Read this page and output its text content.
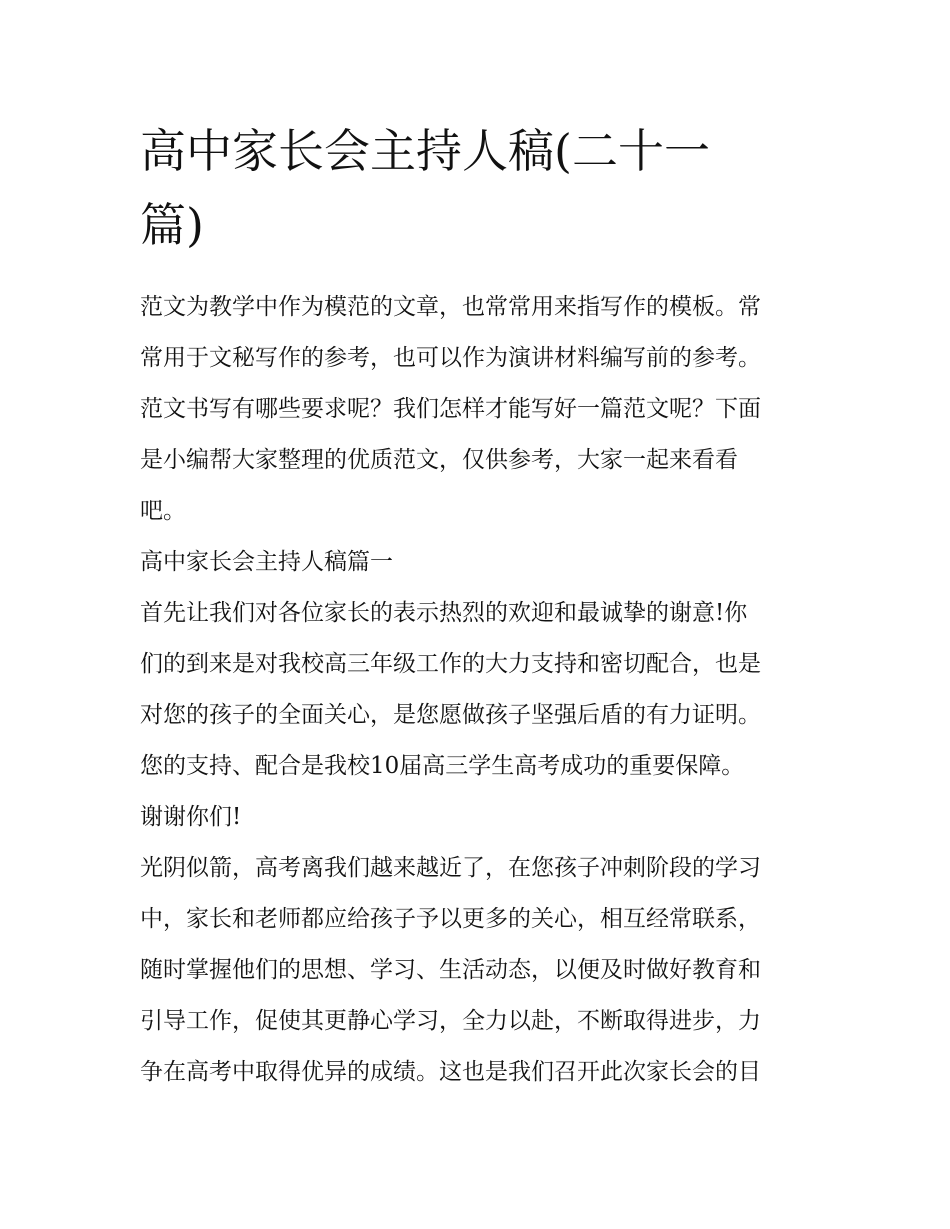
高中家长会主持人稿(二十一
篇)
范文为教学中作为模范的文章，也常常用来指写作的模板。常
常用于文秘写作的参考，也可以作为演讲材料编写前的参考。
范文书写有哪些要求呢？我们怎样才能写好一篇范文呢？下面
是小编帮大家整理的优质范文，仅供参考，大家一起来看看
吧。
高中家长会主持人稿篇一
首先让我们对各位家长的表示热烈的欢迎和最诚挚的谢意!你
们的到来是对我校高三年级工作的大力支持和密切配合，也是
对您的孩子的全面关心，是您愿做孩子坚强后盾的有力证明。
您的支持、配合是我校10届高三学生高考成功的重要保障。
谢谢你们!
光阴似箭，高考离我们越来越近了，在您孩子冲刺阶段的学习
中，家长和老师都应给孩子予以更多的关心，相互经常联系，
随时掌握他们的思想、学习、生活动态，以便及时做好教育和
引导工作，促使其更静心学习，全力以赴，不断取得进步，力
争在高考中取得优异的成绩。这也是我们召开此次家长会的目
